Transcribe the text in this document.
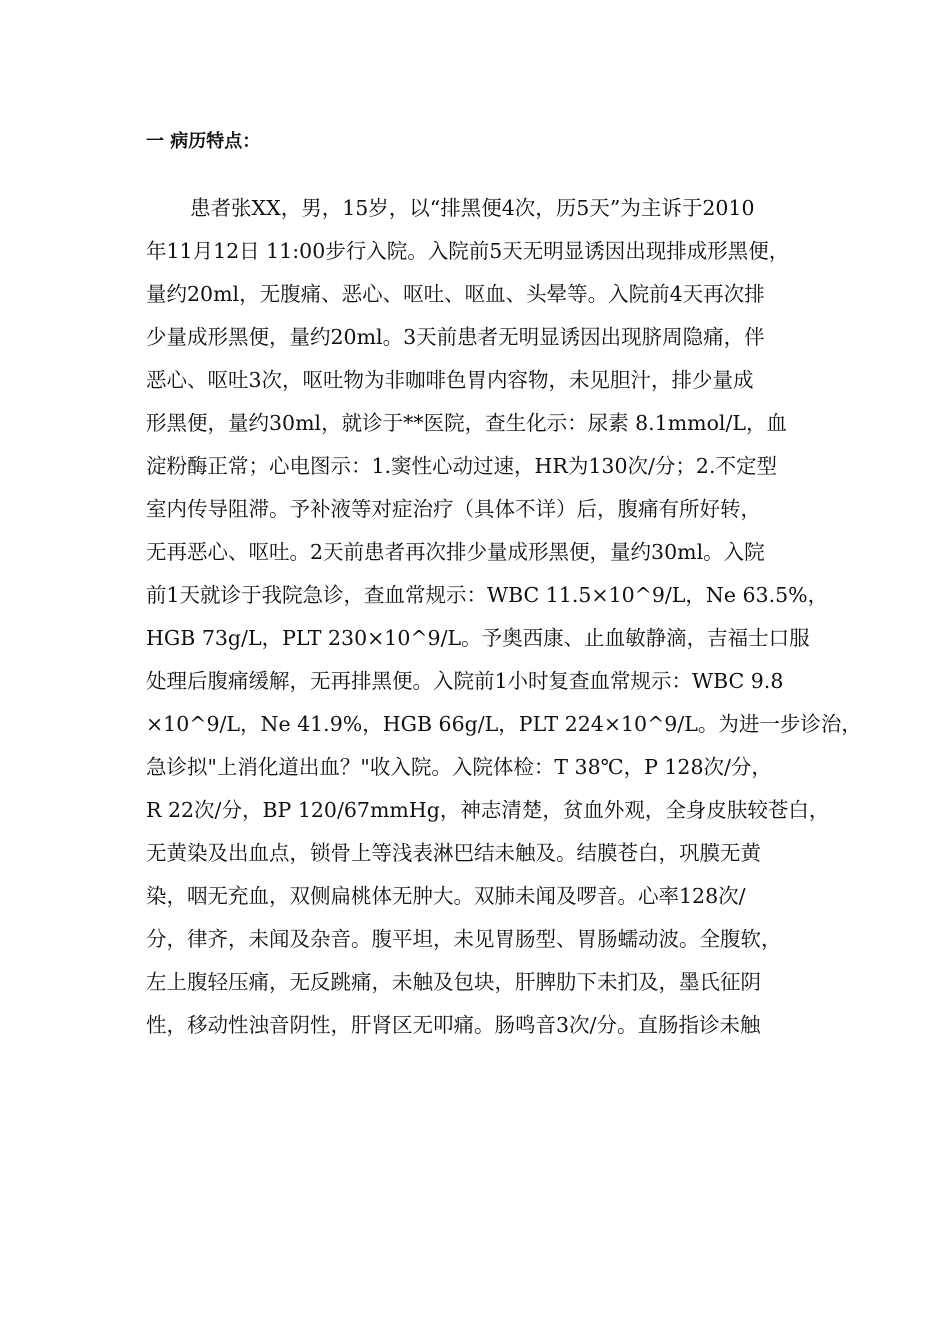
一 病历特点：
患者张XX，男，15岁，以“排黑便4次，历5天”为主诉于2010
年11月12日 11:00步行入院。入院前5天无明显诱因出现排成形黑便，
量约20ml，无腹痛、恶心、呕吐、呕血、头晕等。入院前4天再次排
少量成形黑便，量约20ml。3天前患者无明显诱因出现脐周隐痛，伴
恶心、呕吐3次，呕吐物为非咖啡色胃内容物，未见胆汁，排少量成
形黑便，量约30ml，就诊于**医院，查生化示：尿素 8.1mmol/L，血
淀粉酶正常；心电图示：1.窦性心动过速，HR为130次/分；2.不定型
室内传导阻滞。予补液等对症治疗（具体不详）后，腹痛有所好转，
无再恶心、呕吐。2天前患者再次排少量成形黑便，量约30ml。入院
前1天就诊于我院急诊，查血常规示：WBC 11.5×10^9/L，Ne 63.5%，
HGB 73g/L，PLT 230×10^9/L。予奥西康、止血敏静滴，吉福士口服
处理后腹痛缓解，无再排黑便。入院前1小时复查血常规示：WBC 9.8
×10^9/L，Ne 41.9%，HGB 66g/L，PLT 224×10^9/L。为进一步诊治，
急诊拟"上消化道出血？"收入院。入院体检：T 38℃，P 128次/分，
R 22次/分，BP 120/67mmHg，神志清楚，贫血外观，全身皮肤较苍白，
无黄染及出血点，锁骨上等浅表淋巴结未触及。结膜苍白，巩膜无黄
染，咽无充血，双侧扁桃体无肿大。双肺未闻及啰音。心率128次/
分，律齐，未闻及杂音。腹平坦，未见胃肠型、胃肠蠕动波。全腹软，
左上腹轻压痛，无反跳痛，未触及包块，肝脾肋下未扪及，墨氏征阴
性，移动性浊音阴性，肝肾区无叩痛。肠鸣音3次/分。直肠指诊未触
